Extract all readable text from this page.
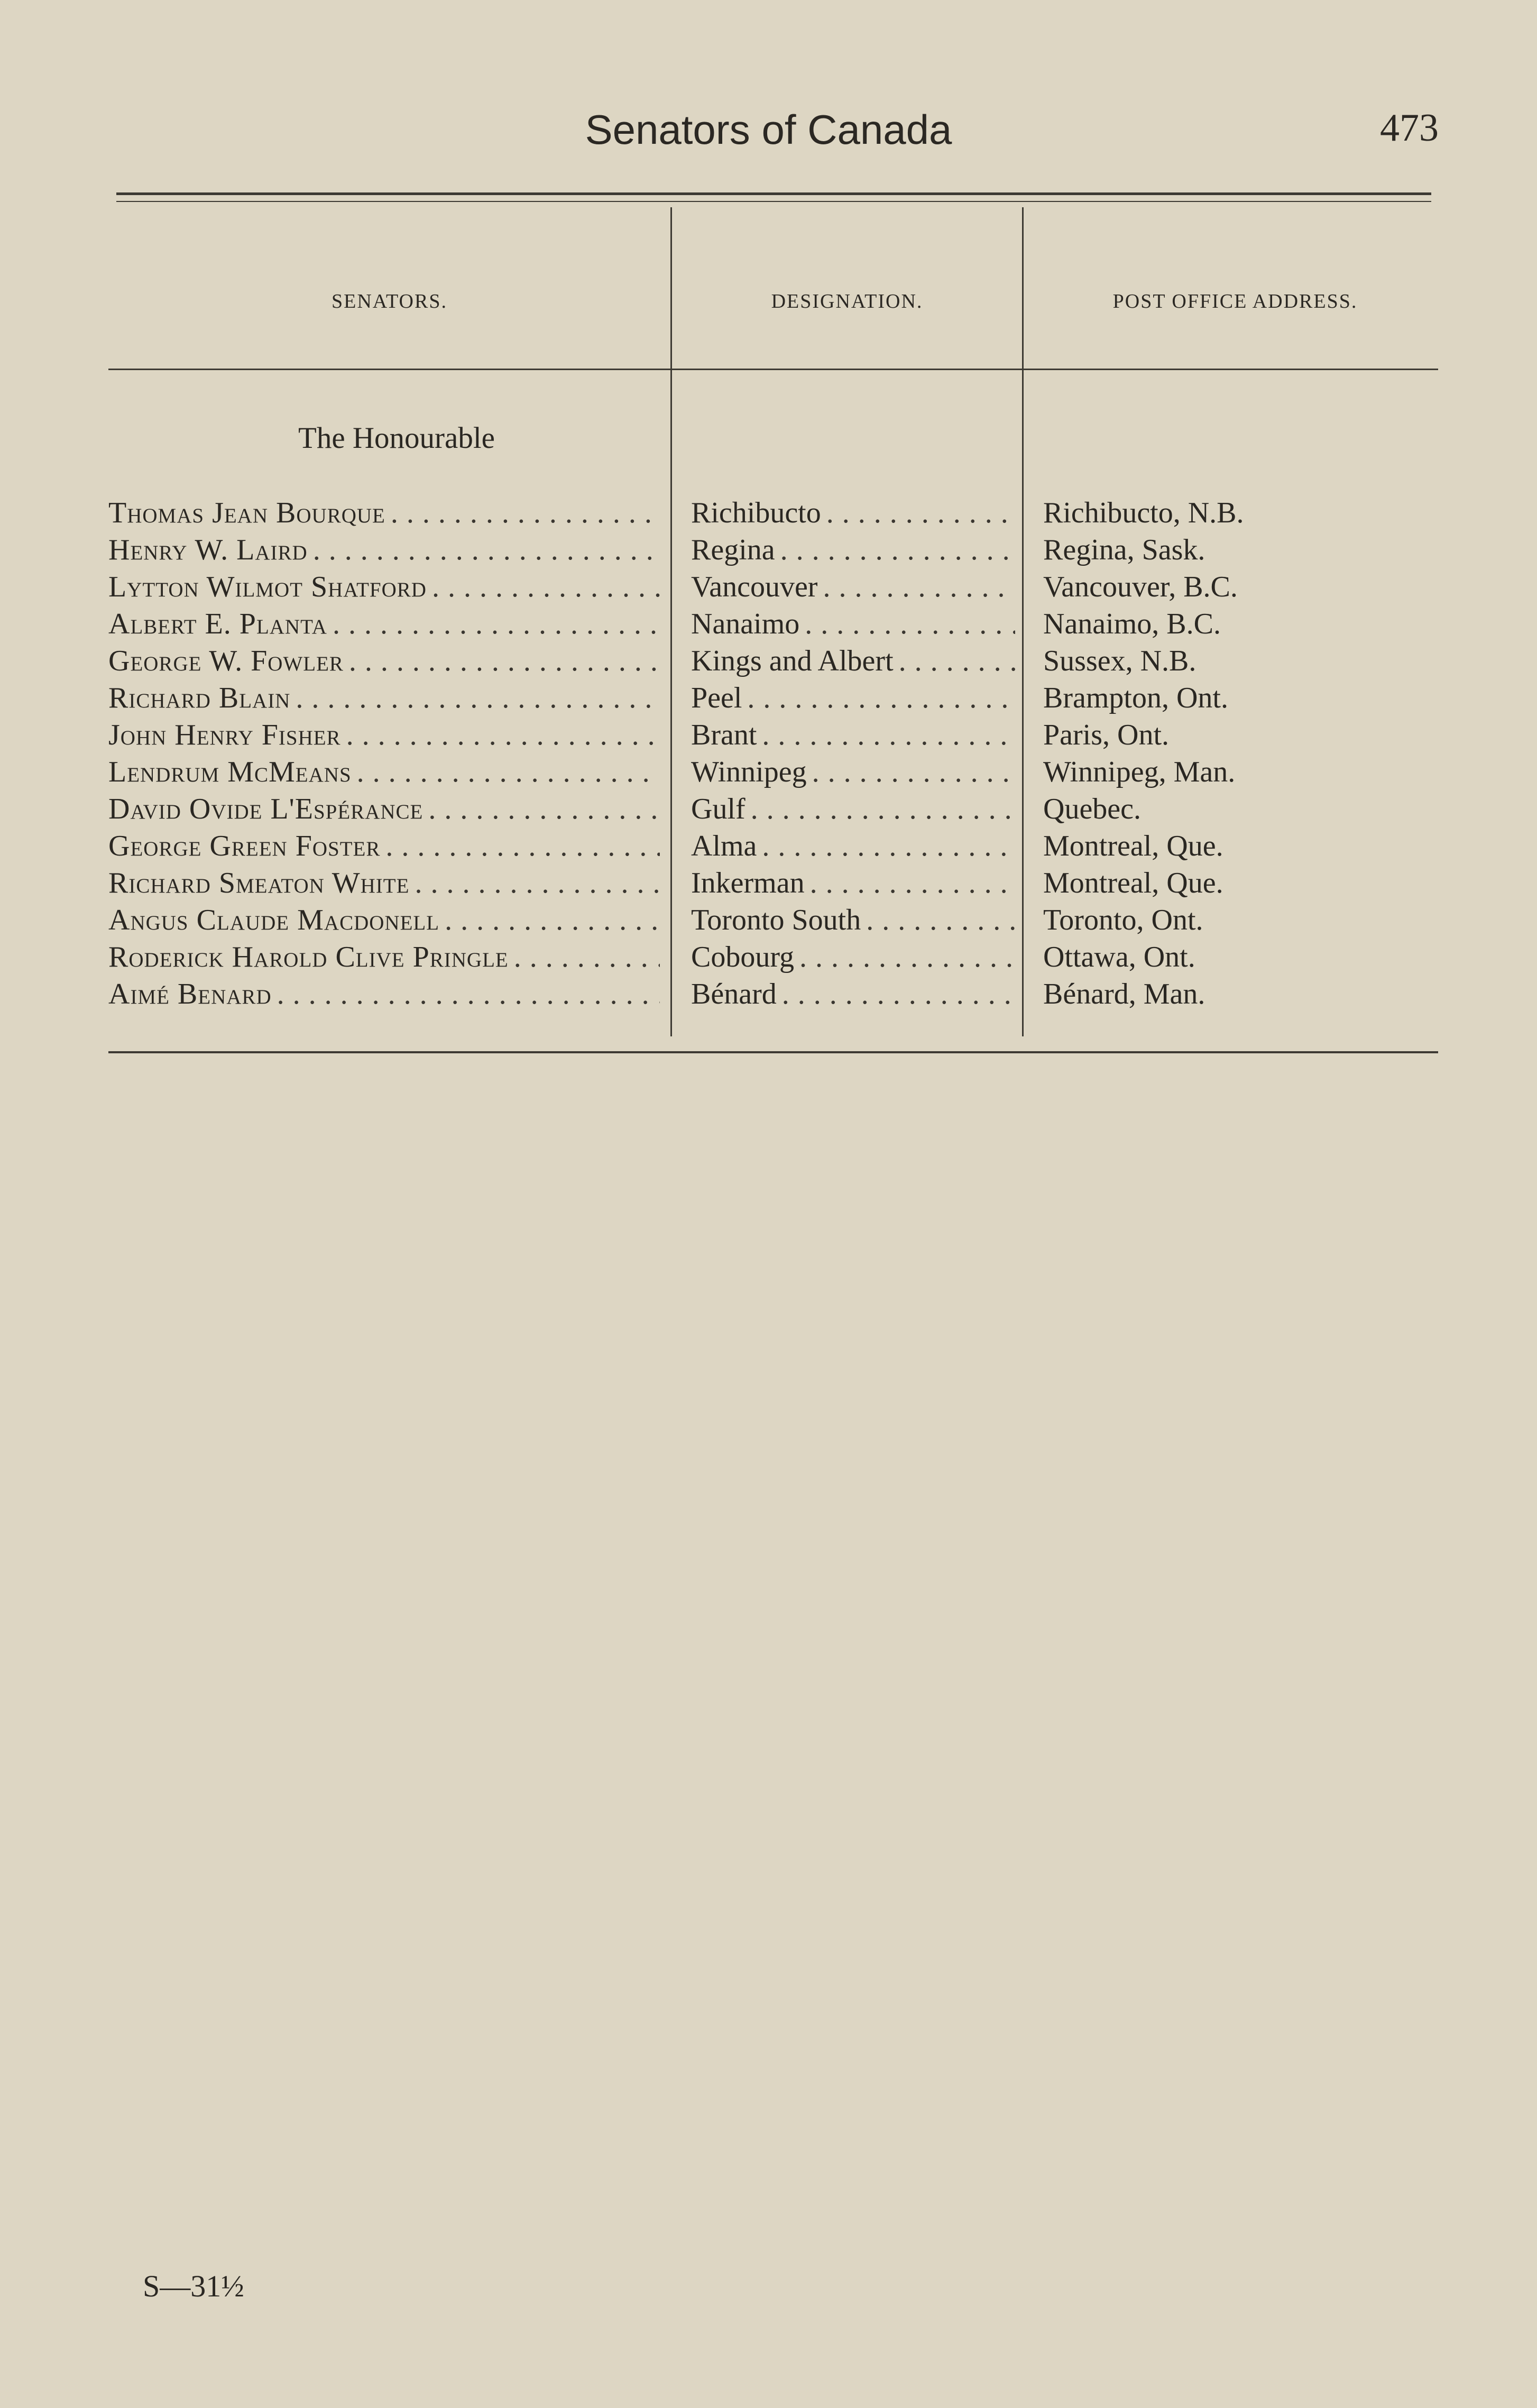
Senators of Canada	473
SENATORS.	DESIGNATION.	POST OFFICE ADDRESS.
The Honourable
Thomas Jean Bourque . . .	Richibucto . . .	Richibucto, N.B.
Henry W. Laird . . .	Regina . . .	Regina, Sask.
Lytton Wilmot Shatford . . .	Vancouver . . .	Vancouver, B.C.
Albert E. Planta . . .	Nanaimo . . .	Nanaimo, B.C.
George W. Fowler . . .	Kings and Albert . . .	Sussex, N.B.
Richard Blain . . .	Peel . . .	Brampton, Ont.
John Henry Fisher . . .	Brant . . .	Paris, Ont.
Lendrum McMeans . . .	Winnipeg . . .	Winnipeg, Man.
David Ovide L'Espérance . . .	Gulf . . .	Quebec.
George Green Foster . . .	Alma . . .	Montreal, Que.
Richard Smeaton White . . .	Inkerman . . .	Montreal, Que.
Angus Claude Macdonell . . .	Toronto South . . .	Toronto, Ont.
Roderick Harold Clive Pringle . . .	Cobourg . . .	Ottawa, Ont.
Aimé Benard . . .	Bénard . . .	Bénard, Man.
S—31½
